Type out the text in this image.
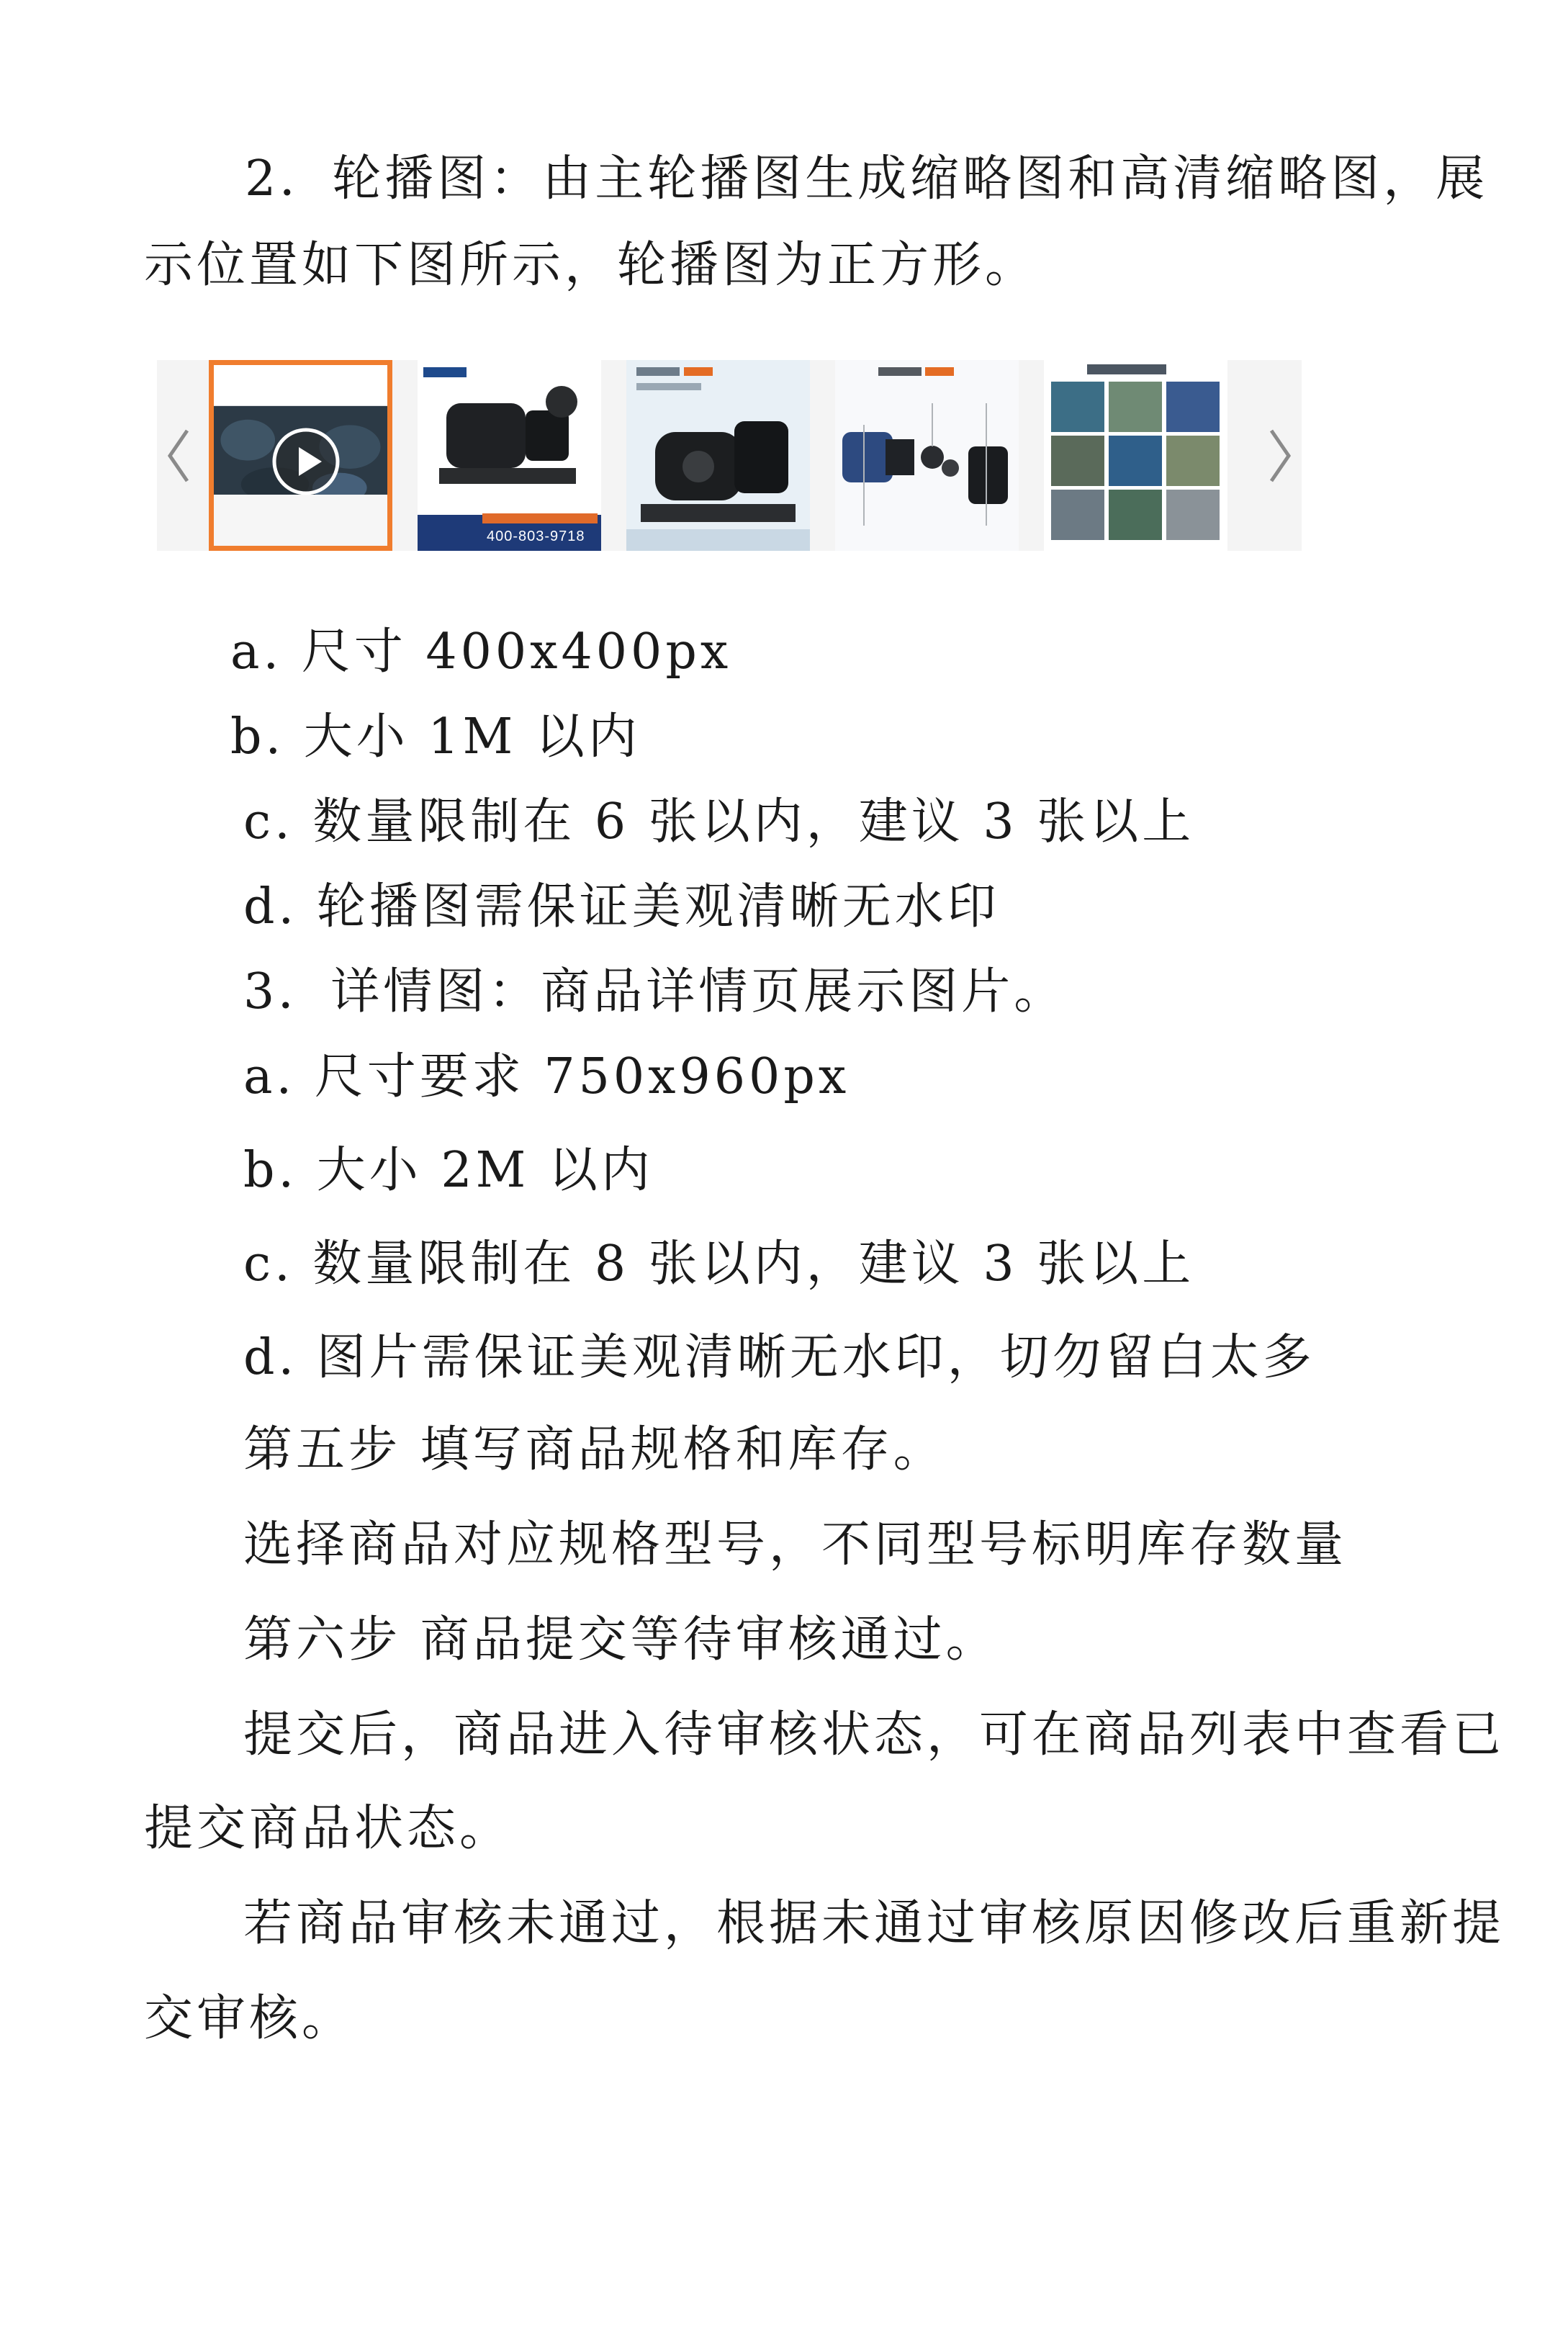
2．轮播图：由主轮播图生成缩略图和高清缩略图，展
示位置如下图所示，轮播图为正方形。
400-803-9718
a. 尺寸 400x400px
b. 大小 1M 以内
c. 数量限制在 6 张以内，建议 3 张以上
d. 轮播图需保证美观清晰无水印
3．详情图：商品详情页展示图片。
a. 尺寸要求 750x960px
b. 大小 2M 以内
c. 数量限制在 8 张以内，建议 3 张以上
d. 图片需保证美观清晰无水印，切勿留白太多
第五步 填写商品规格和库存。
选择商品对应规格型号，不同型号标明库存数量
第六步 商品提交等待审核通过。
提交后，商品进入待审核状态，可在商品列表中查看已
提交商品状态。
若商品审核未通过，根据未通过审核原因修改后重新提
交审核。
